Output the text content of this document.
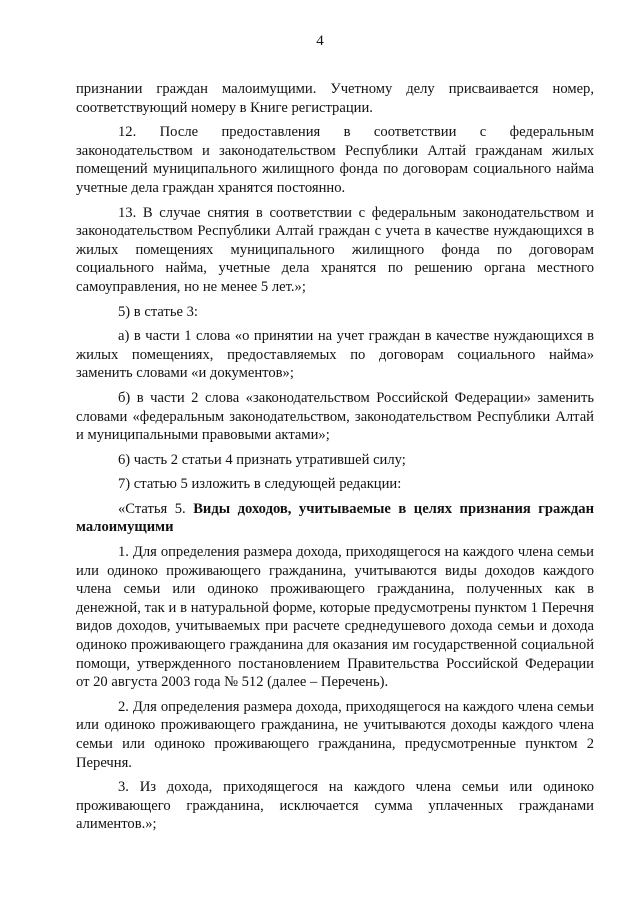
4

признании граждан малоимущими. Учетному делу присваивается номер, соответствующий номеру в Книге регистрации.

12. После предоставления в соответствии с федеральным законодательством и законодательством Республики Алтай гражданам жилых помещений муниципального жилищного фонда по договорам социального найма учетные дела граждан хранятся постоянно.

13. В случае снятия в соответствии с федеральным законодательством и законодательством Республики Алтай граждан с учета в качестве нуждающихся в жилых помещениях муниципального жилищного фонда по договорам социального найма, учетные дела хранятся по решению органа местного самоуправления, но не менее 5 лет.»;

5) в статье 3:

а) в части 1 слова «о принятии на учет граждан в качестве нуждающихся в жилых помещениях, предоставляемых по договорам социального найма» заменить словами «и документов»;

б) в части 2 слова «законодательством Российской Федерации» заменить словами «федеральным законодательством, законодательством Республики Алтай и муниципальными правовыми актами»;

6) часть 2 статьи 4 признать утратившей силу;

7) статью 5 изложить в следующей редакции:

«Статья 5. Виды доходов, учитываемые в целях признания граждан малоимущими

1. Для определения размера дохода, приходящегося на каждого члена семьи или одиноко проживающего гражданина, учитываются виды доходов каждого члена семьи или одиноко проживающего гражданина, полученных как в денежной, так и в натуральной форме, которые предусмотрены пунктом 1 Перечня видов доходов, учитываемых при расчете среднедушевого дохода семьи и дохода одиноко проживающего гражданина для оказания им государственной социальной помощи, утвержденного постановлением Правительства Российской Федерации от 20 августа 2003 года № 512 (далее – Перечень).

2. Для определения размера дохода, приходящегося на каждого члена семьи или одиноко проживающего гражданина, не учитываются доходы каждого члена семьи или одиноко проживающего гражданина, предусмотренные пунктом 2 Перечня.

3. Из дохода, приходящегося на каждого члена семьи или одиноко проживающего гражданина, исключается сумма уплаченных гражданами алиментов.»;
